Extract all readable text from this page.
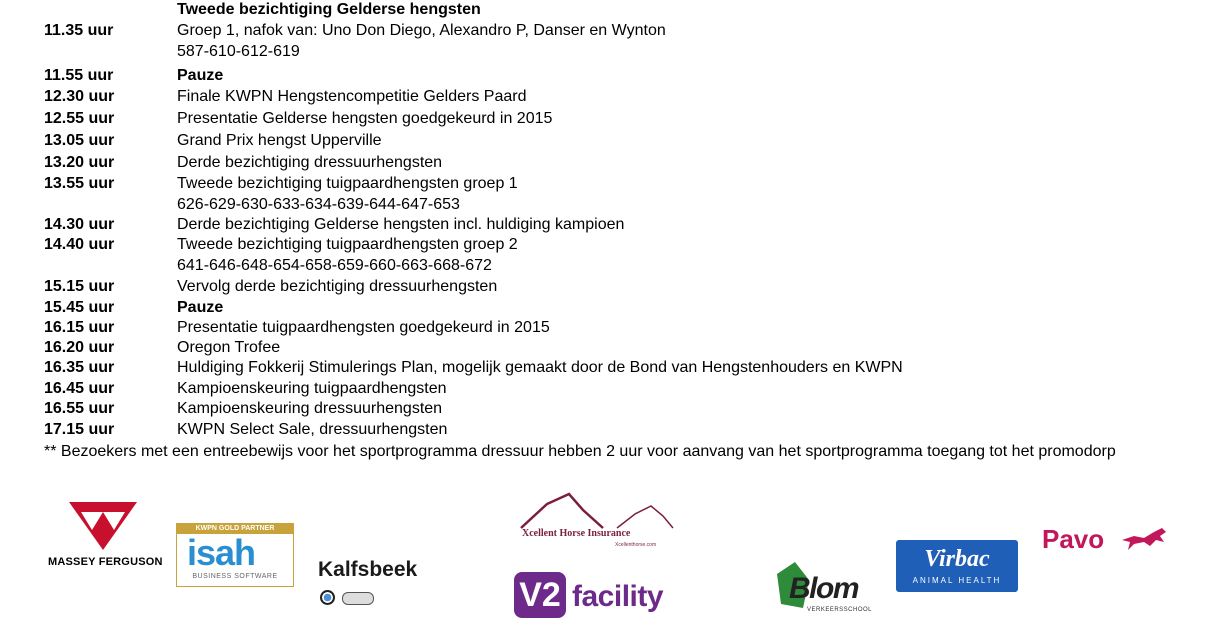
Tweede bezichtiging Gelderse hengsten
11.35 uur	Groep 1, nafok van: Uno Don Diego, Alexandro P, Danser en Wynton
587-610-612-619
11.55 uur	Pauze
12.30 uur	Finale KWPN Hengstencompetitie Gelders Paard
12.55 uur	Presentatie Gelderse hengsten goedgekeurd in 2015
13.05 uur	Grand Prix hengst Upperville
13.20 uur	Derde bezichtiging dressuurhengsten
13.55 uur	Tweede bezichtiging tuigpaardhengsten groep 1
626-629-630-633-634-639-644-647-653
14.30 uur	Derde bezichtiging Gelderse hengsten incl. huldiging kampioen
14.40 uur	Tweede bezichtiging tuigpaardhengsten groep 2
641-646-648-654-658-659-660-663-668-672
15.15 uur	Vervolg derde bezichtiging dressuurhengsten
15.45 uur	Pauze
16.15 uur	Presentatie tuigpaardhengsten goedgekeurd in 2015
16.20 uur	Oregon Trofee
16.35 uur	Huldiging Fokkerij Stimulerings Plan, mogelijk gemaakt door de Bond van Hengstenhouders en KWPN
16.45 uur	Kampioenskeuring tuigpaardhengsten
16.55 uur	Kampioenskeuring dressuurhengsten
17.15 uur	KWPN Select Sale, dressuurhengsten
** Bezoekers met een entreebewijs voor het sportprogramma dressuur hebben 2 uur voor aanvang van het sportprogramma toegang tot het promodorp
MASSEY FERGUSON
KWPN GOLD PARTNER
isah
BUSINESS SOFTWARE	Kalfsbeek
Xcellent Horse Insurance
Xcellenthorse.com
V2 facility	Blom
VERKEERSSCHOOL
Virbac
ANIMAL HEALTH
Pavo
